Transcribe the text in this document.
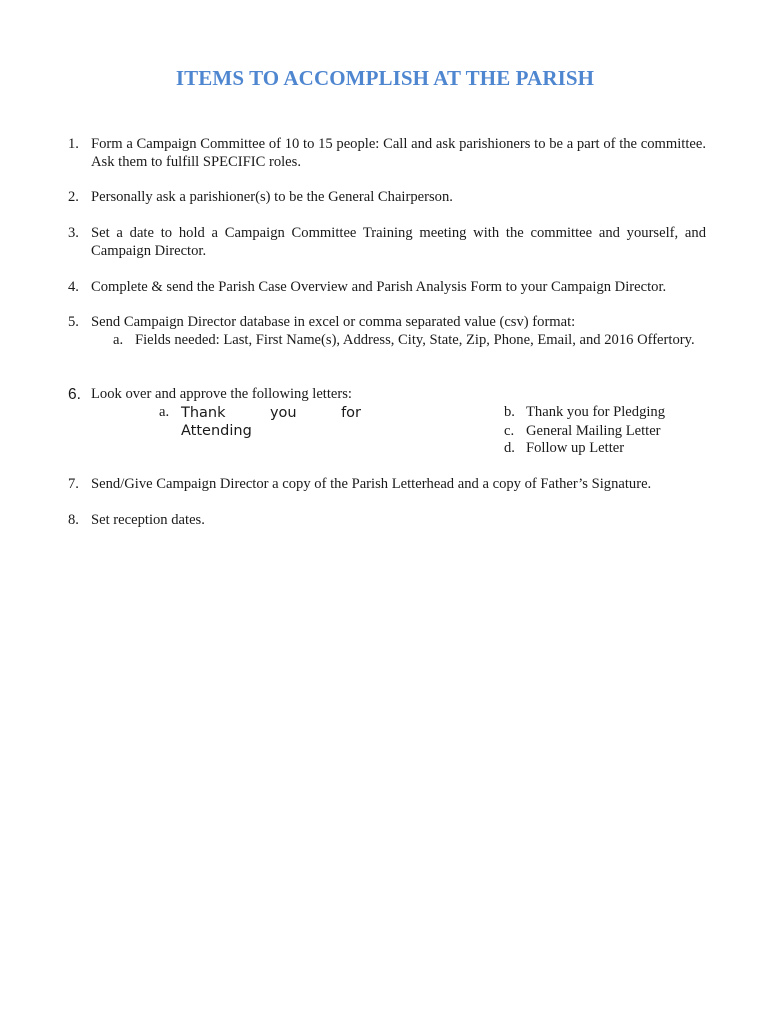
ITEMS TO ACCOMPLISH AT THE PARISH
1. Form a Campaign Committee of 10 to 15 people: Call and ask parishioners to be a part of the committee. Ask them to fulfill SPECIFIC roles.
2. Personally ask a parishioner(s) to be the General Chairperson.
3. Set a date to hold a Campaign Committee Training meeting with the committee and yourself, and Campaign Director.
4. Complete & send the Parish Case Overview and Parish Analysis Form to your Campaign Director.
5. Send Campaign Director database in excel or comma separated value (csv) format:
a. Fields needed: Last, First Name(s), Address, City, State, Zip, Phone, Email, and 2016 Offertory.
6. Look over and approve the following letters:
a. Thank	you	for
Attending
b. Thank you for Pledging
c. General Mailing Letter
d. Follow up Letter
7. Send/Give Campaign Director a copy of the Parish Letterhead and a copy of Father’s Signature.
8. Set reception dates.
